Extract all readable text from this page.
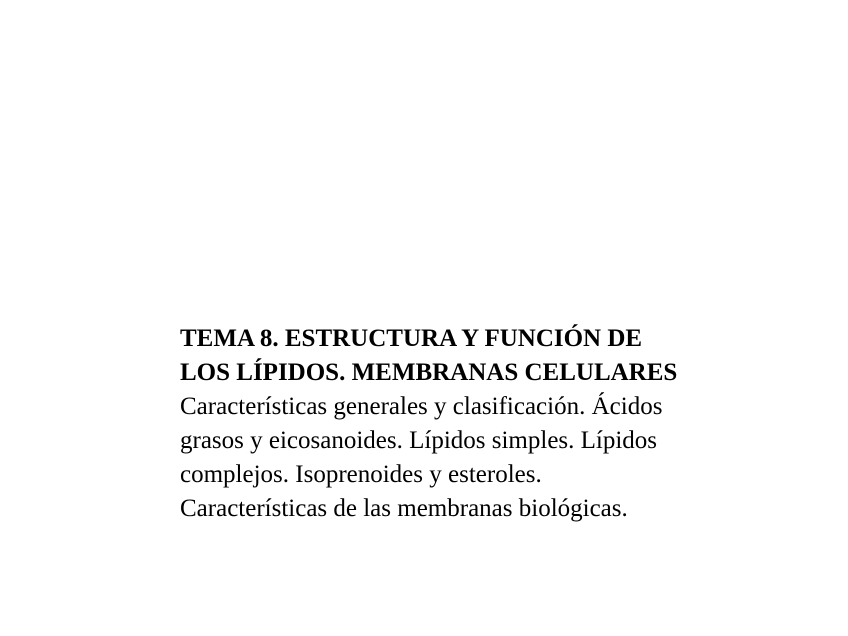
TEMA 8. ESTRUCTURA Y FUNCIÓN DE
LOS LÍPIDOS. MEMBRANAS CELULARES
Características generales y clasificación. Ácidos
grasos y eicosanoides. Lípidos simples. Lípidos
complejos. Isoprenoides y esteroles.
Características de las membranas biológicas.
